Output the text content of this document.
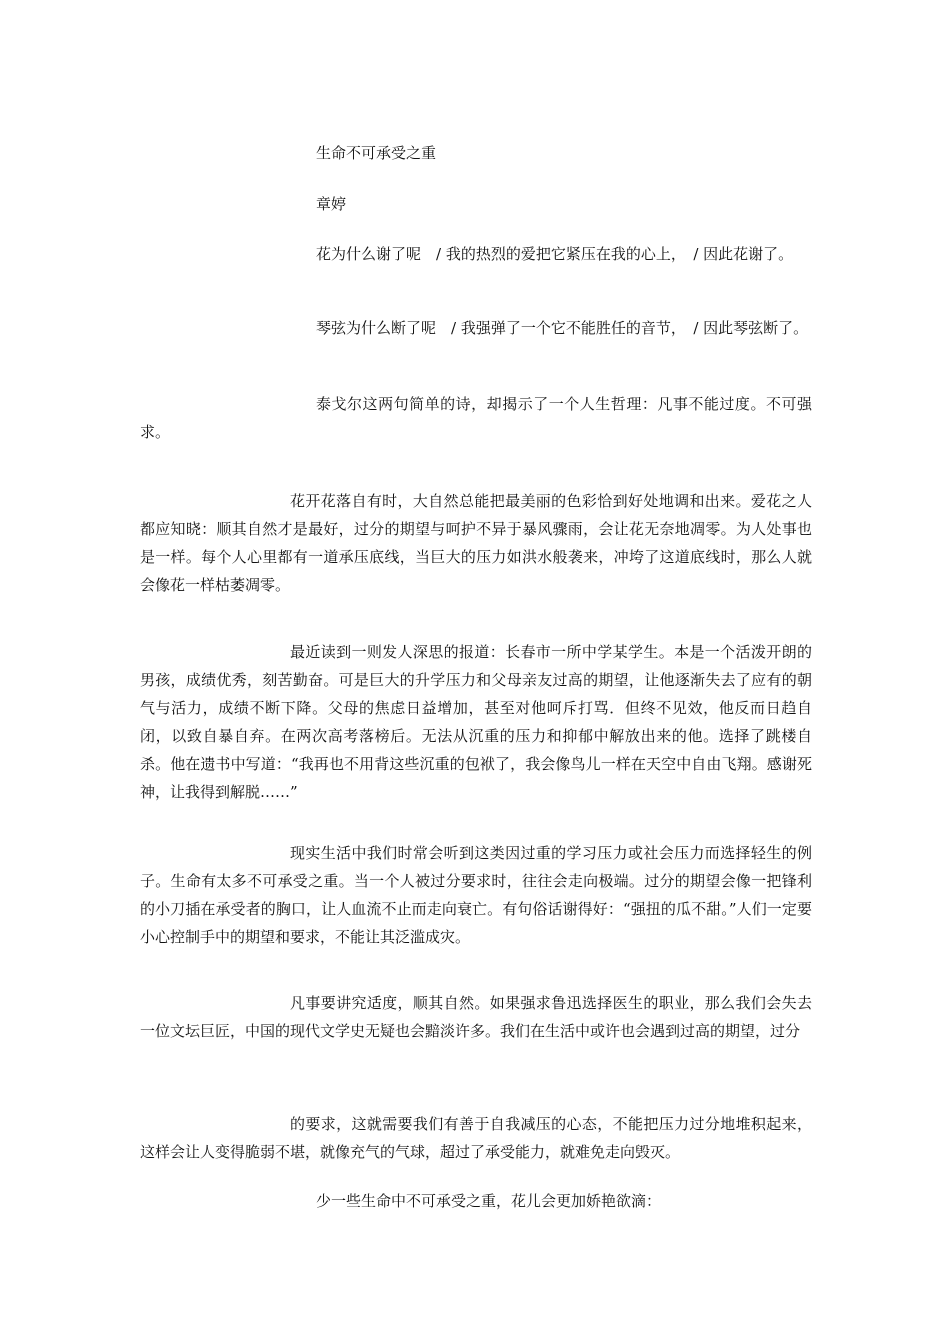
生命不可承受之重

章婷

花为什么谢了呢　/ 我的热烈的爱把它紧压在我的心上，　/ 因此花谢了。

琴弦为什么断了呢　/ 我强弹了一个它不能胜任的音节，　/ 因此琴弦断了。

泰戈尔这两句简单的诗，却揭示了一个人生哲理：凡事不能过度。不可强求。

花开花落自有时，大自然总能把最美丽的色彩恰到好处地调和出来。爱花之人都应知晓：顺其自然才是最好，过分的期望与呵护不异于暴风骤雨，会让花无奈地凋零。为人处事也是一样。每个人心里都有一道承压底线，当巨大的压力如洪水般袭来，冲垮了这道底线时，那么人就会像花一样枯萎凋零。

最近读到一则发人深思的报道：长春市一所中学某学生。本是一个活泼开朗的男孩，成绩优秀，刻苦勤奋。可是巨大的升学压力和父母亲友过高的期望，让他逐渐失去了应有的朝气与活力，成绩不断下降。父母的焦虑日益增加，甚至对他呵斥打骂．但终不见效，他反而日趋自闭，以致自暴自弃。在两次高考落榜后。无法从沉重的压力和抑郁中解放出来的他。选择了跳楼自杀。他在遗书中写道：“我再也不用背这些沉重的包袱了，我会像鸟儿一样在天空中自由飞翔。感谢死神，让我得到解脱……”

现实生活中我们时常会听到这类因过重的学习压力或社会压力而选择轻生的例子。生命有太多不可承受之重。当一个人被过分要求时，往往会走向极端。过分的期望会像一把锋利的小刀插在承受者的胸口，让人血流不止而走向衰亡。有句俗话谢得好：“强扭的瓜不甜。”人们一定要小心控制手中的期望和要求，不能让其泛滥成灾。

凡事要讲究适度，顺其自然。如果强求鲁迅选择医生的职业，那么我们会失去一位文坛巨匠，中国的现代文学史无疑也会黯淡许多。我们在生活中或许也会遇到过高的期望，过分

的要求，这就需要我们有善于自我减压的心态，不能把压力过分地堆积起来，这样会让人变得脆弱不堪，就像充气的气球，超过了承受能力，就难免走向毁灭。

少一些生命中不可承受之重，花儿会更加娇艳欲滴：
